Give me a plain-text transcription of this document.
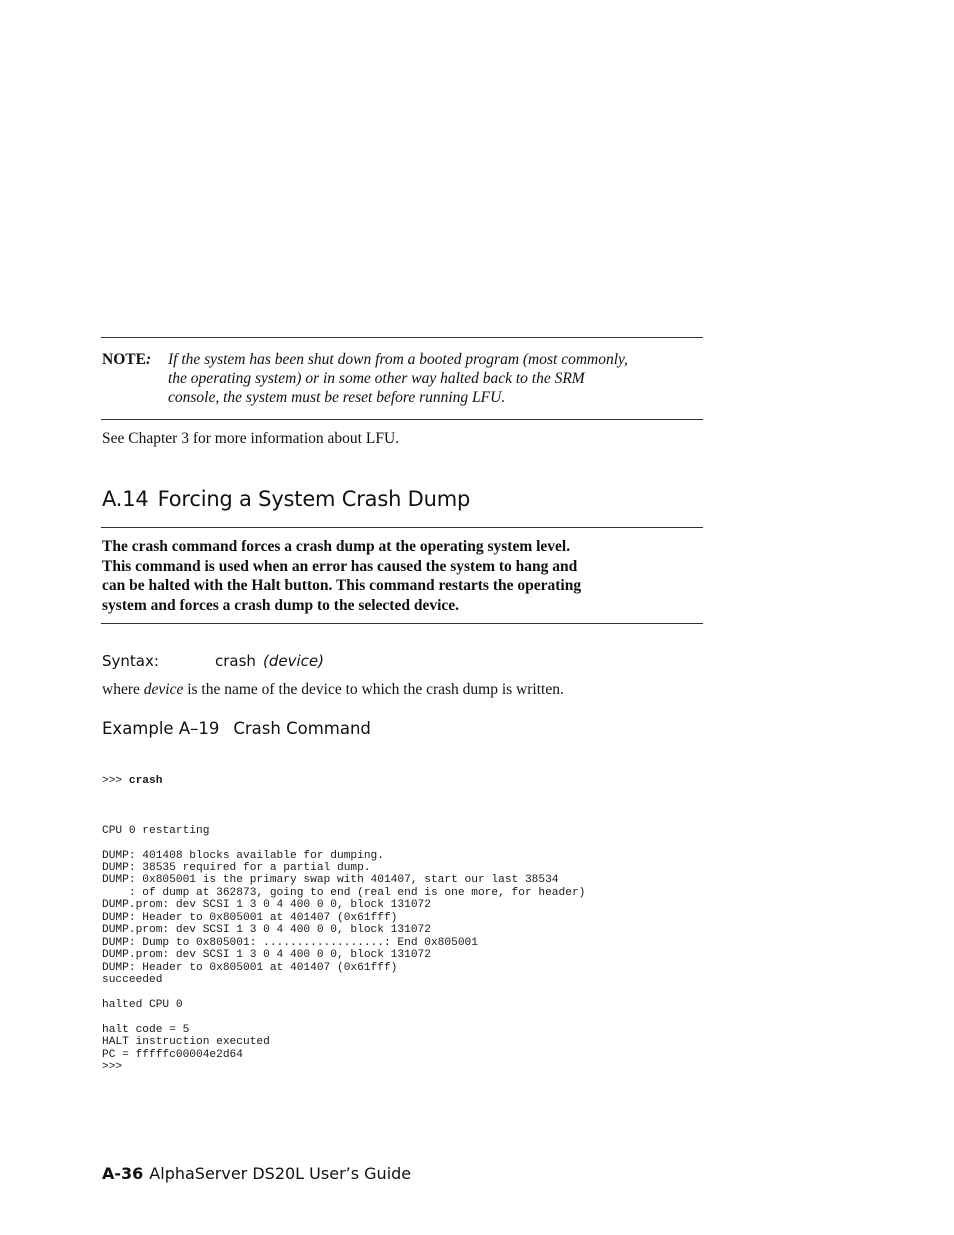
NOTE: If the system has been shut down from a booted program (most commonly,
the operating system) or in some other way halted back to the SRM
console, the system must be reset before running LFU.
See Chapter 3 for more information about LFU.
A.14 Forcing a System Crash Dump
The crash command forces a crash dump at the operating system level.
This command is used when an error has caused the system to hang and
can be halted with the Halt button. This command restarts the operating
system and forces a crash dump to the selected device.
Syntax:	crash (device)
where device is the name of the device to which the crash dump is written.
Example A–19 Crash Command

>>> crash

CPU 0 restarting
DUMP: 401408 blocks available for dumping.
DUMP: 38535 required for a partial dump.
DUMP: 0x805001 is the primary swap with 401407, start our last 38534
: of dump at 362873, going to end (real end is one more, for header)
DUMP.prom: dev SCSI 1 3 0 4 400 0 0, block 131072
DUMP: Header to 0x805001 at 401407 (0x61fff)
DUMP.prom: dev SCSI 1 3 0 4 400 0 0, block 131072
DUMP: Dump to 0x805001: ..................: End 0x805001
DUMP.prom: dev SCSI 1 3 0 4 400 0 0, block 131072
DUMP: Header to 0x805001 at 401407 (0x61fff)
succeeded
halted CPU 0
halt code = 5
HALT instruction executed
PC = fffffc00004e2d64
>>>

A-36 AlphaServer DS20L User’s Guide
